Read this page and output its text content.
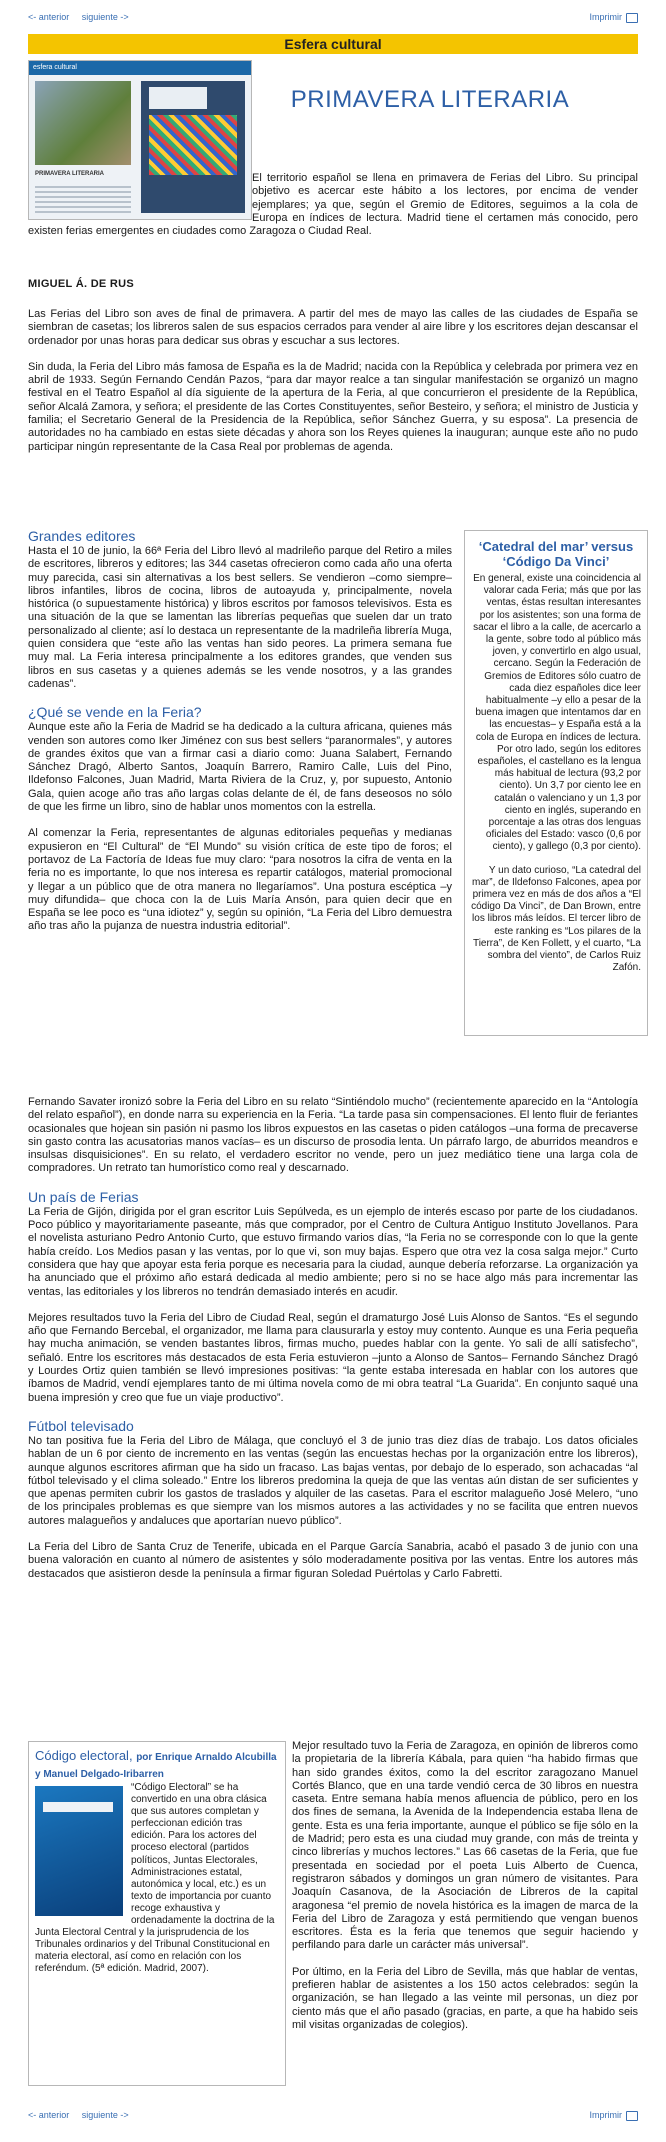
<- anterior siguiente ->	Imprimir
Esfera cultural
esfera cultural
PRIMAVERA LITERARIA
PRIMAVERA LITERARIA
El territorio español se llena en primavera de Ferias del Libro. Su principal objetivo es acercar este hábito a los lectores, por encima de vender ejemplares; ya que, según el Gremio de Editores, seguimos a la cola de Europa en índices de lectura. Madrid tiene el certamen más conocido, pero existen ferias emergentes en ciudades como Zaragoza o Ciudad Real.
MIGUEL Á. DE RUS

Las Ferias del Libro son aves de final de primavera. A partir del mes de mayo las calles de las ciudades de España se siembran de casetas; los libreros salen de sus espacios cerrados para vender al aire libre y los escritores dejan descansar el ordenador por unas horas para dedicar sus obras y escuchar a sus lectores.

Sin duda, la Feria del Libro más famosa de España es la de Madrid; nacida con la República y celebrada por primera vez en abril de 1933. Según Fernando Cendán Pazos, “para dar mayor realce a tan singular manifestación se organizó un magno festival en el Teatro Español al día siguiente de la apertura de la Feria, al que concurrieron el presidente de la República, señor Alcalá Zamora, y señora; el presidente de las Cortes Constituyentes, señor Besteiro, y señora; el ministro de Justicia y familia; el Secretario General de la Presidencia de la República, señor Sánchez Guerra, y su esposa”. La presencia de autoridades no ha cambiado en estas siete décadas y ahora son los Reyes quienes la inauguran; aunque este año no pudo participar ningún representante de la Casa Real por problemas de agenda.

Grandes editores

Hasta el 10 de junio, la 66ª Feria del Libro llevó al madrileño parque del Retiro a miles de escritores, libreros y editores; las 344 casetas ofrecieron como cada año una oferta muy parecida, casi sin alternativas a los best sellers. Se vendieron –como siempre– libros infantiles, libros de cocina, libros de autoayuda y, principalmente, novela histórica (o supuestamente histórica) y libros escritos por famosos televisivos. Esta es una situación de la que se lamentan las librerías pequeñas que suelen dar un trato personalizado al cliente; así lo destaca un representante de la madrileña librería Muga, quien considera que “este año las ventas han sido peores. La primera semana fue muy mal. La Feria interesa principalmente a los editores grandes, que venden sus libros en sus casetas y a quienes además se les vende nosotros, y a las grandes cadenas”.

¿Qué se vende en la Feria?

Aunque este año la Feria de Madrid se ha dedicado a la cultura africana, quienes más venden son autores como Iker Jiménez con sus best sellers “paranormales”, y autores de grandes éxitos que van a firmar casi a diario como: Juana Salabert, Fernando Sánchez Dragó, Alberto Santos, Joaquín Barrero, Ramiro Calle, Luis del Pino, Ildefonso Falcones, Juan Madrid, Marta Riviera de la Cruz, y, por supuesto, Antonio Gala, quien acoge año tras año largas colas delante de él, de fans deseosos no sólo de que les firme un libro, sino de hablar unos momentos con la estrella.

Al comenzar la Feria, representantes de algunas editoriales pequeñas y medianas expusieron en “El Cultural” de “El Mundo” su visión crítica de este tipo de foros; el portavoz de La Factoría de Ideas fue muy claro: “para nosotros la cifra de venta en la feria no es importante, lo que nos interesa es repartir catálogos, material promocional y llegar a un público que de otra manera no llegaríamos”. Una postura escéptica –y muy difundida– que choca con la de Luis María Ansón, para quien decir que en España se lee poco es “una idiotez” y, según su opinión, “La Feria del Libro demuestra año tras año la pujanza de nuestra industria editorial”.

‘Catedral del mar’ versus ‘Código Da Vinci’

En general, existe una coincidencia al valorar cada Feria; más que por las ventas, éstas resultan interesantes por los asistentes; son una forma de sacar el libro a la calle, de acercarlo a la gente, sobre todo al público más joven, y convertirlo en algo usual, cercano. Según la Federación de Gremios de Editores sólo cuatro de cada diez españoles dice leer habitualmente –y ello a pesar de la buena imagen que intentamos dar en las encuestas– y España está a la cola de Europa en índices de lectura. Por otro lado, según los editores españoles, el castellano es la lengua más habitual de lectura (93,2 por ciento). Un 3,7 por ciento lee en catalán o valenciano y un 1,3 por ciento en inglés, superando en porcentaje a las otras dos lenguas oficiales del Estado: vasco (0,6 por ciento), y gallego (0,3 por ciento).

Y un dato curioso, “La catedral del mar”, de Ildefonso Falcones, apea por primera vez en más de dos años a “El código Da Vinci”, de Dan Brown, entre los libros más leídos. El tercer libro de este ranking es “Los pilares de la Tierra”, de Ken Follett, y el cuarto, “La sombra del viento”, de Carlos Ruiz Zafón.

Fernando Savater ironizó sobre la Feria del Libro en su relato “Sintiéndolo mucho” (recientemente aparecido en la “Antología del relato español”), en donde narra su experiencia en la Feria. “La tarde pasa sin compensaciones. El lento fluir de feriantes ocasionales que hojean sin pasión ni pasmo los libros expuestos en las casetas o piden catálogos –una forma de precaverse sin gasto contra las acusatorias manos vacías– es un discurso de prosodia lenta. Un párrafo largo, de aburridos meandros e insulsas disquisiciones”. En su relato, el verdadero escritor no vende, pero un juez mediático tiene una larga cola de compradores. Un retrato tan humorístico como real y descarnado.

Un país de Ferias

La Feria de Gijón, dirigida por el gran escritor Luis Sepúlveda, es un ejemplo de interés escaso por parte de los ciudadanos. Poco público y mayoritariamente paseante, más que comprador, por el Centro de Cultura Antiguo Instituto Jovellanos. Para el novelista asturiano Pedro Antonio Curto, que estuvo firmando varios días, “la Feria no se corresponde con lo que la gente había creído. Los Medios pasan y las ventas, por lo que vi, son muy bajas. Espero que otra vez la cosa salga mejor.” Curto considera que hay que apoyar esta feria porque es necesaria para la ciudad, aunque debería reforzarse. La organización ya ha anunciado que el próximo año estará dedicada al medio ambiente; pero si no se hace algo más para incrementar las ventas, las editoriales y los libreros no tendrán demasiado interés en acudir.

Mejores resultados tuvo la Feria del Libro de Ciudad Real, según el dramaturgo José Luis Alonso de Santos. “Es el segundo año que Fernando Bercebal, el organizador, me llama para clausurarla y estoy muy contento. Aunque es una Feria pequeña hay mucha animación, se venden bastantes libros, firmas mucho, puedes hablar con la gente. Yo sali de allí satisfecho”, señaló. Entre los escritores más destacados de esta Feria estuvieron –junto a Alonso de Santos– Fernando Sánchez Dragó y Lourdes Ortiz quien también se llevó impresiones positivas: “la gente estaba interesada en hablar con los autores que íbamos de Madrid, vendí ejemplares tanto de mi última novela como de mi obra teatral “La Guarida”. En conjunto saqué una buena impresión y creo que fue un viaje productivo”.

Fútbol televisado

No tan positiva fue la Feria del Libro de Málaga, que concluyó el 3 de junio tras diez días de trabajo. Los datos oficiales hablan de un 6 por ciento de incremento en las ventas (según las encuestas hechas por la organización entre los libreros), aunque algunos escritores afirman que ha sido un fracaso. Las bajas ventas, por debajo de lo esperado, son achacadas “al fútbol televisado y el clima soleado.” Entre los libreros predomina la queja de que las ventas aún distan de ser suficientes y que apenas permiten cubrir los gastos de traslados y alquiler de las casetas. Para el escritor malagueño José Melero, “uno de los principales problemas es que siempre van los mismos autores a las actividades y no se facilita que entren nuevos autores malagueños y andaluces que aportarían nuevo público”.

La Feria del Libro de Santa Cruz de Tenerife, ubicada en el Parque García Sanabria, acabó el pasado 3 de junio con una buena valoración en cuanto al número de asistentes y sólo moderadamente positiva por las ventas. Entre los autores más destacados que asistieron desde la península a firmar figuran Soledad Puértolas y Carlo Fabretti.

Código electoral, por Enrique Arnaldo Alcubilla y Manuel Delgado-Iribarren
“Código Electoral” se ha convertido en una obra clásica que sus autores completan y perfeccionan edición tras edición. Para los actores del proceso electoral (partidos políticos, Juntas Electorales, Administraciones estatal, autonómica y local, etc.) es un texto de importancia por cuanto recoge exhaustiva y ordenadamente la doctrina de la Junta Electoral Central y la jurisprudencia de los Tribunales ordinarios y del Tribunal Constitucional en materia electoral, así como en relación con los referéndum. (5ª edición. Madrid, 2007).

Mejor resultado tuvo la Feria de Zaragoza, en opinión de libreros como la propietaria de la librería Kábala, para quien “ha habido firmas que han sido grandes éxitos, como la del escritor zaragozano Manuel Cortés Blanco, que en una tarde vendió cerca de 30 libros en nuestra caseta. Entre semana había menos afluencia de público, pero en los dos fines de semana, la Avenida de la Independencia estaba llena de gente. Esta es una feria importante, aunque el público se fije sólo en la de Madrid; pero esta es una ciudad muy grande, con más de treinta y cinco librerías y muchos lectores.” Las 66 casetas de la Feria, que fue presentada en sociedad por el poeta Luis Alberto de Cuenca, registraron sábados y domingos un gran número de visitantes. Para Joaquín Casanova, de la Asociación de Libreros de la capital aragonesa “el premio de novela histórica es la imagen de marca de la Feria del Libro de Zaragoza y está permitiendo que vengan buenos escritores. Ésta es la feria que tenemos que seguir haciendo y perfilando para darle un carácter más universal”.

Por último, en la Feria del Libro de Sevilla, más que hablar de ventas, prefieren hablar de asistentes a los 150 actos celebrados: según la organización, se han llegado a las veinte mil personas, un diez por ciento más que el año pasado (gracias, en parte, a que ha habido seis mil visitas organizadas de colegios).

<- anterior siguiente ->	Imprimir
